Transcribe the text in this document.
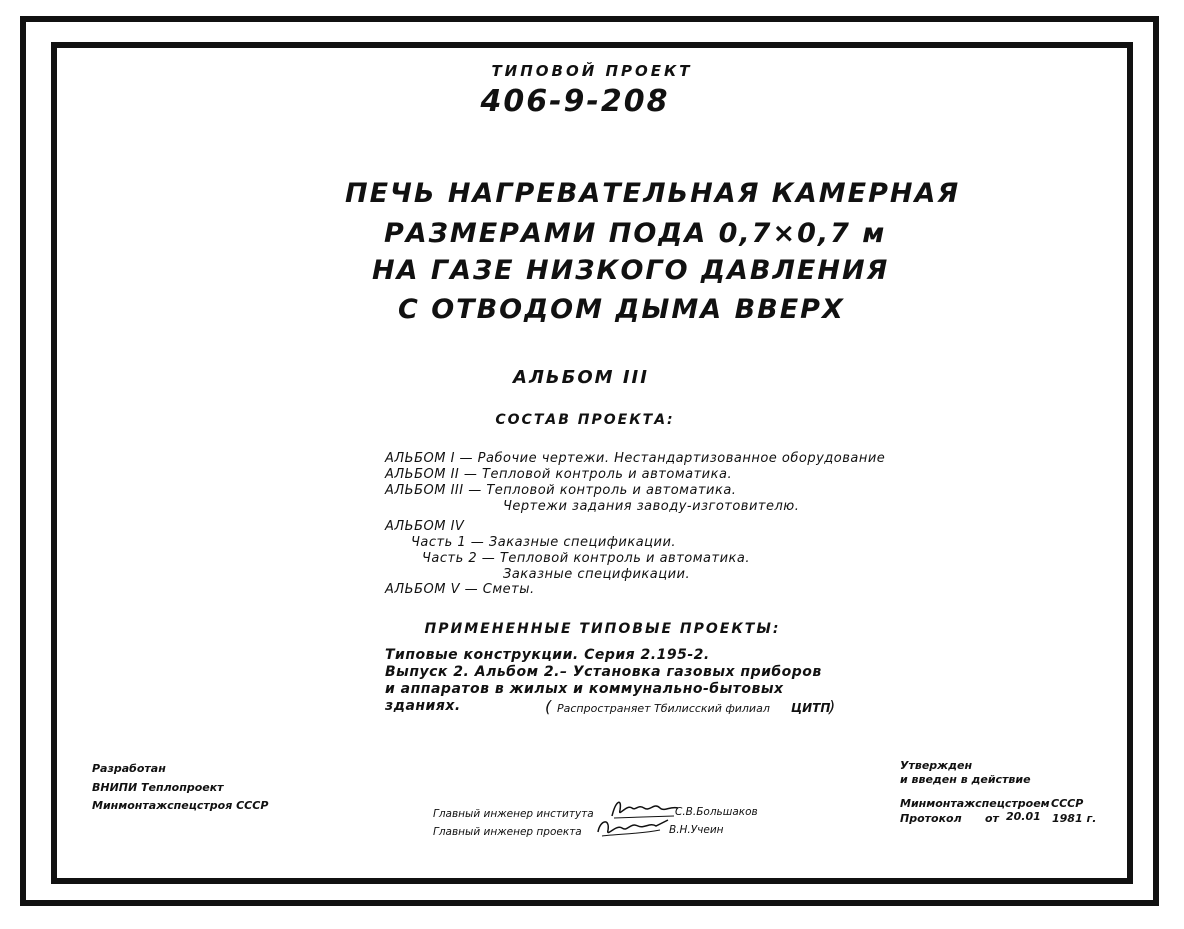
ТИПОВОЙ ПРОЕКТ
406-9-208
ПЕЧЬ НАГРЕВАТЕЛЬНАЯ КАМЕРНАЯ
РАЗМЕРАМИ ПОДА 0,7×0,7 м
НА ГАЗЕ НИЗКОГО ДАВЛЕНИЯ
С ОТВОДОМ ДЫМА ВВЕРХ
АЛЬБОМ III
СОСТАВ ПРОЕКТА:
АЛЬБОМ I — Рабочие чертежи. Нестандартизованное оборудование
АЛЬБОМ II — Тепловой контроль и автоматика.
АЛЬБОМ III — Тепловой контроль и автоматика.
Чертежи задания заводу-изготовителю.
АЛЬБОМ IV
Часть 1 — Заказные спецификации.
Часть 2 — Тепловой контроль и автоматика.
Заказные спецификации.
АЛЬБОМ V — Сметы.
ПРИМЕНЕННЫЕ ТИПОВЫЕ ПРОЕКТЫ:
Типовые конструкции. Серия 2.195-2.
Выпуск 2. Альбом 2.– Установка газовых приборов
и аппаратов в жилых и коммунально-бытовых
зданиях.	( Распространяет Тбилисский филиал ЦИТП
)
Разработан
ВНИПИ Теплопроект
Минмонтажспецстроя СССР
Главный инженер института	С.В.Большаков
Главный инженер проекта	В.Н.Учеин
Утвержден
и введен в действие
Минмонтажспецстроем СССР
Протокол от 20.01 1981 г.
